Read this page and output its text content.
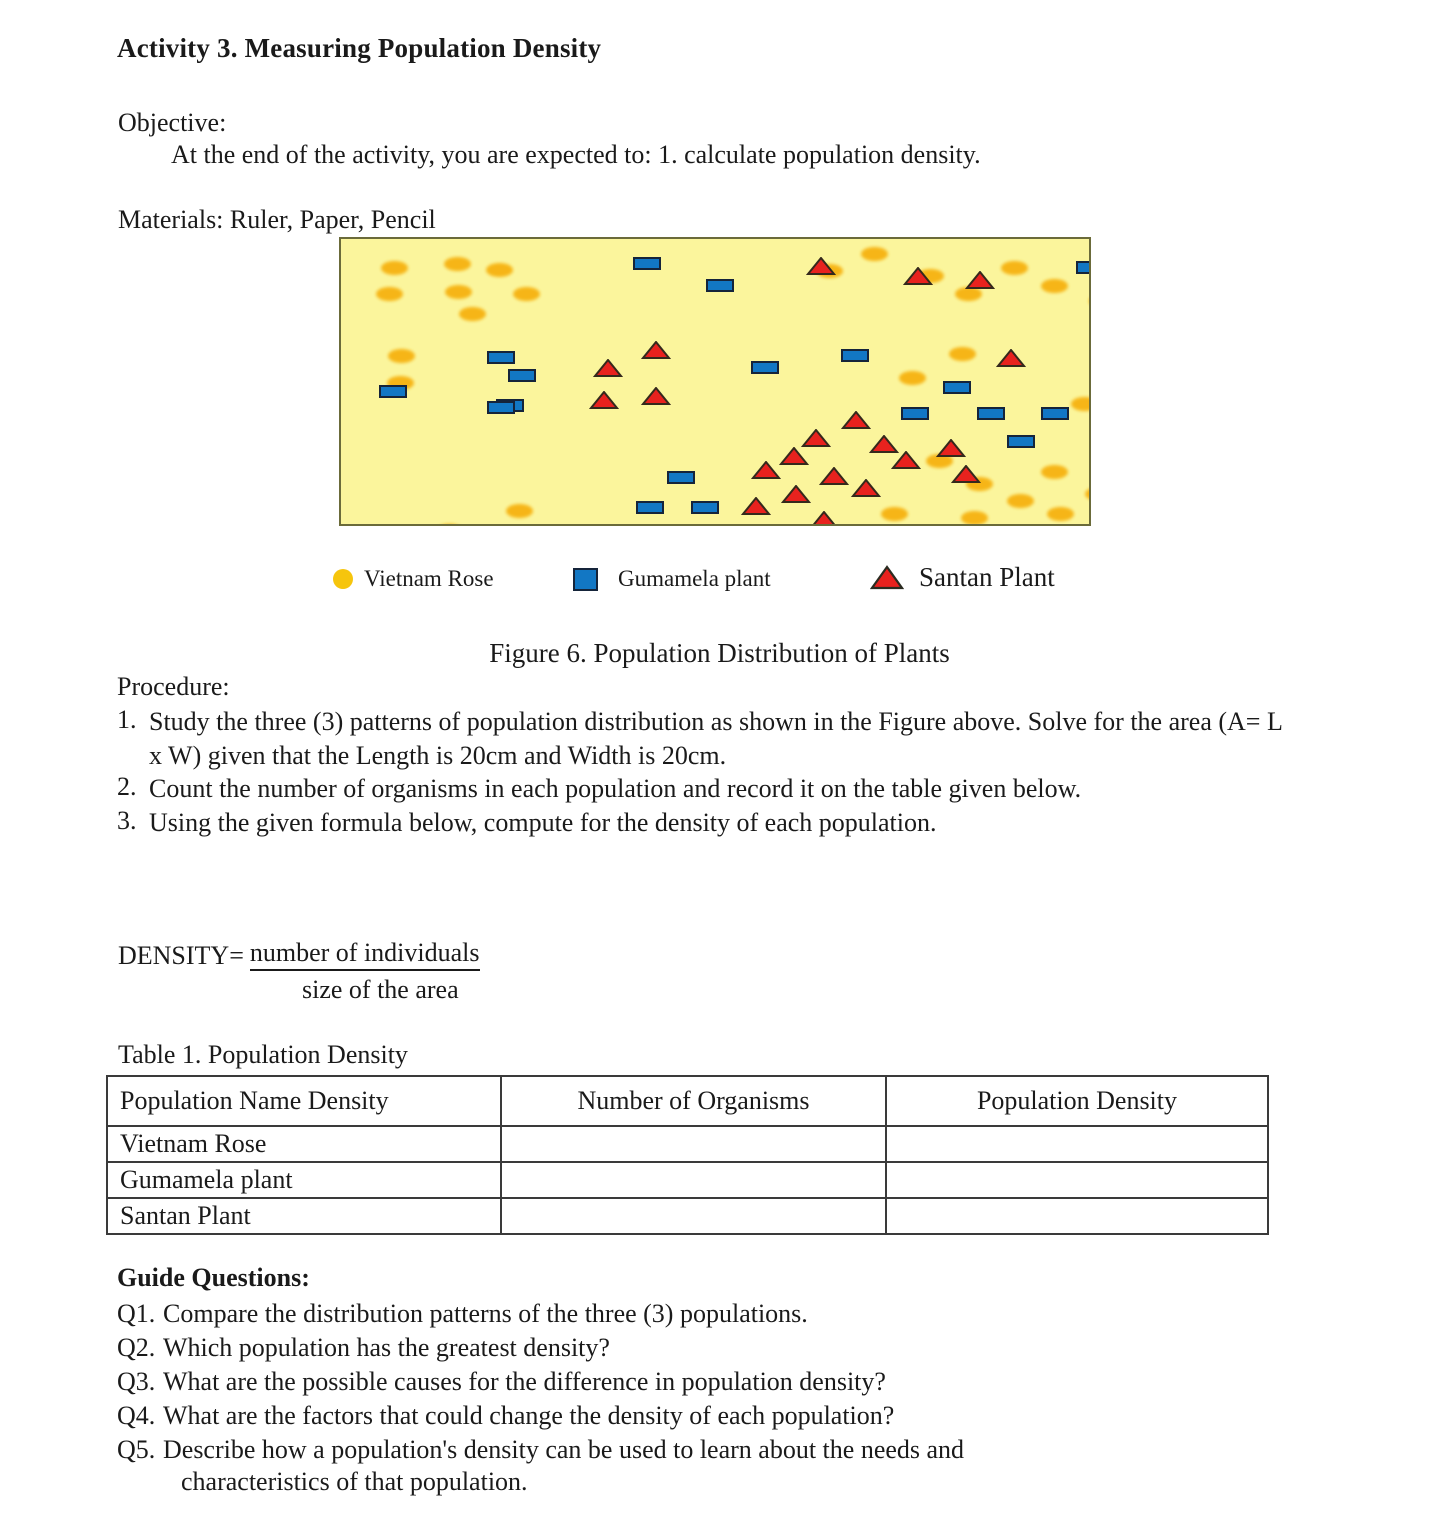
Activity 3. Measuring Population Density
Objective:
At the end of the activity, you are expected to: 1. calculate population density.
Materials: Ruler, Paper, Pencil
Vietnam Rose	Gumamela plant	Santan Plant
Figure 6. Population Distribution of Plants
Procedure:
1. Study the three (3) patterns of population distribution as shown in the Figure above. Solve for the area (A= L x W) given that the Length is 20cm and Width is 20cm.
2. Count the number of organisms in each population and record it on the table given below.
3. Using the given formula below, compute for the density of each population.
DENSITY= number of individuals
size of the area
Table 1. Population Density
Population Name Density	Number of Organisms	Population Density
Vietnam Rose		
Gumamela plant		
Santan Plant		
Guide Questions:
Q1. Compare the distribution patterns of the three (3) populations.
Q2. Which population has the greatest density?
Q3. What are the possible causes for the difference in population density?
Q4. What are the factors that could change the density of each population?
Q5. Describe how a population's density can be used to learn about the needs and
characteristics of that population.
